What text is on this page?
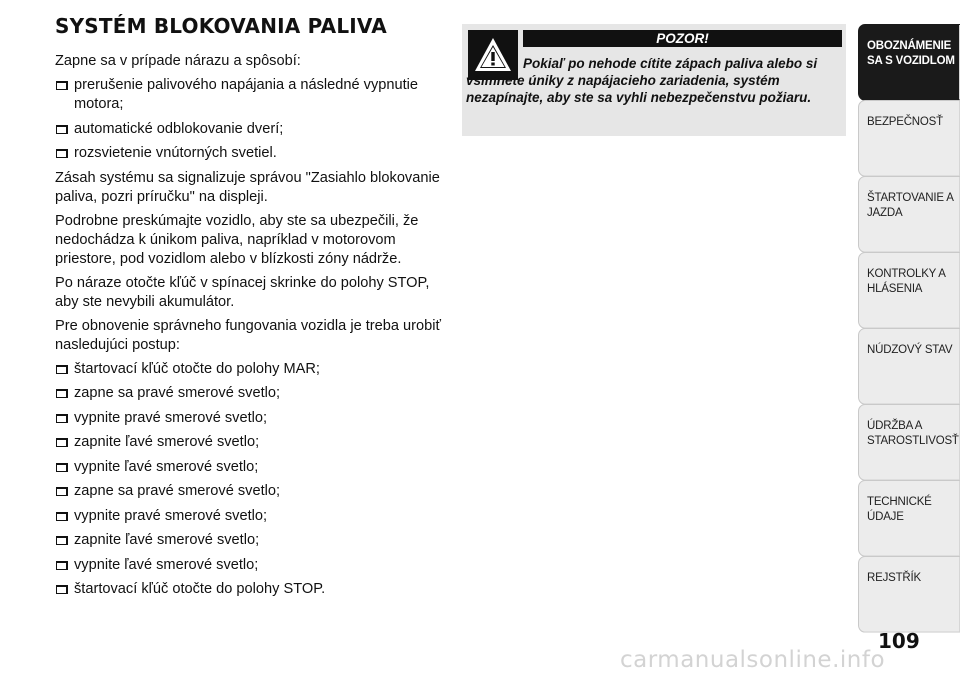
SYSTÉM BLOKOVANIA PALIVA

Zapne sa v prípade nárazu a spôsobí:

prerušenie palivového napájania a následné vypnutie motora;
automatické odblokovanie dverí;
rozsvietenie vnútorných svetiel.

Zásah systému sa signalizuje správou "Zasiahlo blokovanie paliva, pozri príručku" na displeji.

Podrobne preskúmajte vozidlo, aby ste sa ubezpečili, že nedochádza k únikom paliva, napríklad v motorovom priestore, pod vozidlom alebo v blízkosti zóny nádrže.

Po náraze otočte kľúč v spínacej skrinke do polohy STOP, aby ste nevybili akumulátor.

Pre obnovenie správneho fungovania vozidla je treba urobiť nasledujúci postup:

štartovací kľúč otočte do polohy MAR;
zapne sa pravé smerové svetlo;
vypnite pravé smerové svetlo;
zapnite ľavé smerové svetlo;
vypnite ľavé smerové svetlo;
zapne sa pravé smerové svetlo;
vypnite pravé smerové svetlo;
zapnite ľavé smerové svetlo;
vypnite ľavé smerové svetlo;
štartovací kľúč otočte do polohy STOP.
POZOR!
Pokiaľ po nehode cítite zápach paliva alebo si všimnete úniky z napájacieho zariadenia, systém nezapínajte, aby ste sa vyhli nebezpečenstvu požiaru.
OBOZNÁMENIE
SA S VOZIDLOM
BEZPEČNOSŤ
ŠTARTOVANIE A
JAZDA
KONTROLKY A
HLÁSENIA
NÚDZOVÝ STAV
ÚDRŽBA A
STAROSTLIVOSŤ
TECHNICKÉ ÚDAJE
REJSTŘÍK
109
carmanualsonline.info
